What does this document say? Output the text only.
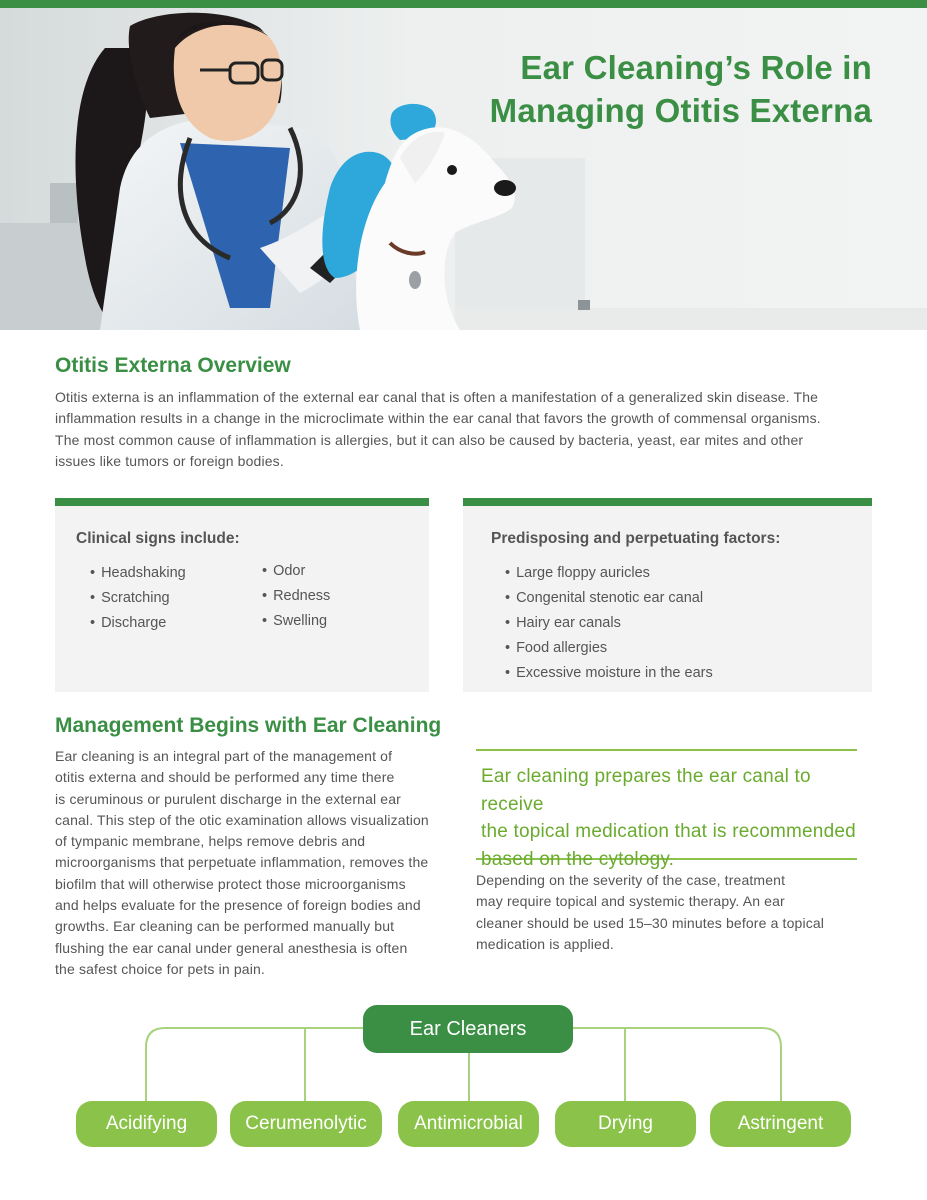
Ear Cleaning’s Role in
Managing Otitis Externa
Otitis Externa Overview
Otitis externa is an inflammation of the external ear canal that is often a manifestation of a generalized skin disease. The
inflammation results in a change in the microclimate within the ear canal that favors the growth of commensal organisms.
The most common cause of inflammation is allergies, but it can also be caused by bacteria, yeast, ear mites and other
issues like tumors or foreign bodies.
Clinical signs include:
• Headshaking
• Scratching
• Discharge
• Odor
• Redness
• Swelling
Predisposing and perpetuating factors:
• Large floppy auricles
• Congenital stenotic ear canal
• Hairy ear canals
• Food allergies
• Excessive moisture in the ears
Management Begins with Ear Cleaning
Ear cleaning is an integral part of the management of
otitis externa and should be performed any time there
is ceruminous or purulent discharge in the external ear
canal. This step of the otic examination allows visualization
of tympanic membrane, helps remove debris and
microorganisms that perpetuate inflammation, removes the
biofilm that will otherwise protect those microorganisms
and helps evaluate for the presence of foreign bodies and
growths. Ear cleaning can be performed manually but
flushing the ear canal under general anesthesia is often
the safest choice for pets in pain.
Ear cleaning prepares the ear canal to receive
the topical medication that is recommended
based on the cytology.
Depending on the severity of the case, treatment
may require topical and systemic therapy. An ear
cleaner should be used 15–30 minutes before a topical
medication is applied.
Ear Cleaners
Acidifying	Cerumenolytic	Antimicrobial	Drying	Astringent
